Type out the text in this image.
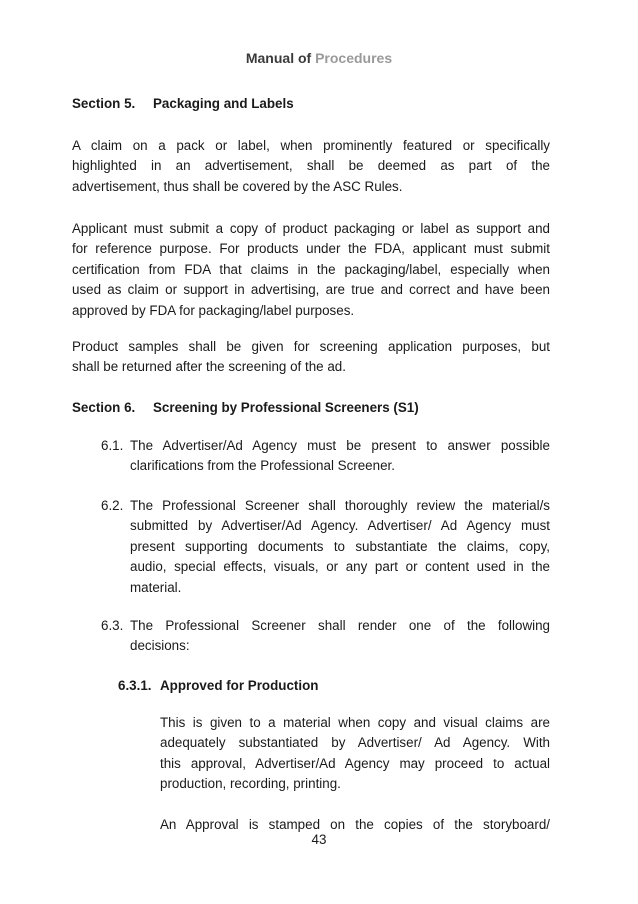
Manual of Procedures
Section 5. Packaging and Labels
A claim on a pack or label, when prominently featured or specifically
highlighted in an advertisement, shall be deemed as part of the
advertisement, thus shall be covered by the ASC Rules.
Applicant must submit a copy of product packaging or label as support and
for reference purpose. For products under the FDA, applicant must submit
certification from FDA that claims in the packaging/label, especially when
used as claim or support in advertising, are true and correct and have been
approved by FDA for packaging/label purposes.
Product samples shall be given for screening application purposes, but
shall be returned after the screening of the ad.
Section 6. Screening by Professional Screeners (S1)
6.1. The Advertiser/Ad Agency must be present to answer possible
clarifications from the Professional Screener.
6.2. The Professional Screener shall thoroughly review the material/s
submitted by Advertiser/Ad Agency. Advertiser/ Ad Agency must
present supporting documents to substantiate the claims, copy,
audio, special effects, visuals, or any part or content used in the
material.
6.3. The Professional Screener shall render one of the following
decisions:
6.3.1. Approved for Production
This is given to a material when copy and visual claims are
adequately substantiated by Advertiser/ Ad Agency. With
this approval, Advertiser/Ad Agency may proceed to actual
production, recording, printing.
An Approval is stamped on the copies of the storyboard/
43
